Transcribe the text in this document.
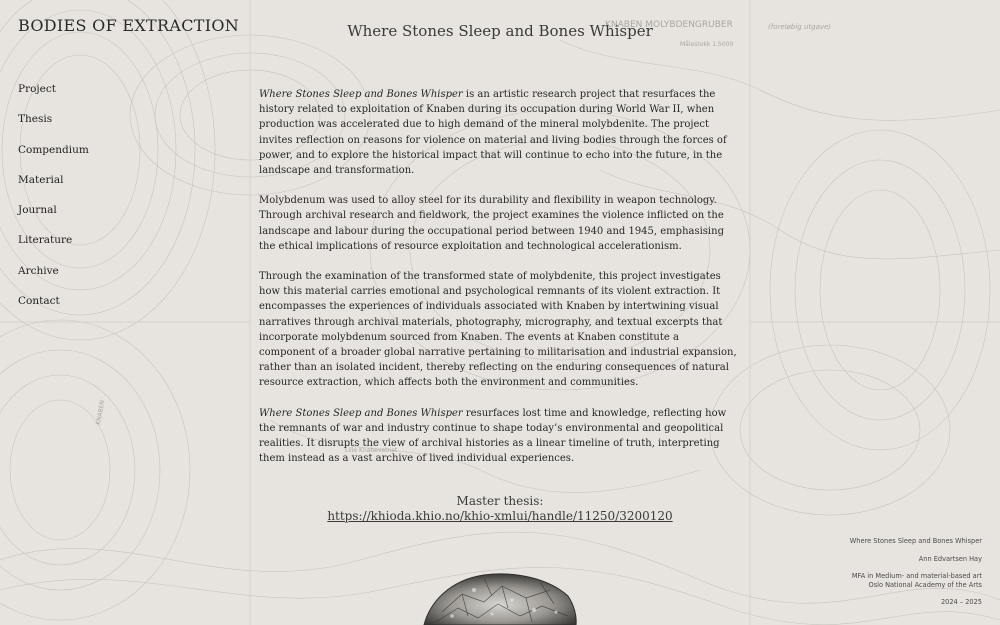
KNABEN MOLYBDENGRUBER	(foreløbig utgave)
Målestokk 1:5000
Lille Knabevatnet
KNABEN
BODIES OF EXTRACTION
Project
Thesis
Compendium
Material
Journal
Literature
Archive
Contact
Where Stones Sleep and Bones Whisper

Where Stones Sleep and Bones Whisper is an artistic research project that resurfaces the history related to exploitation of Knaben during its occupation during World War II, when production was accelerated due to high demand of the mineral molybdenite. The project invites reflection on reasons for violence on material and living bodies through the forces of power, and to explore the historical impact that will continue to echo into the future, in the landscape and transformation.

Molybdenum was used to alloy steel for its durability and flexibility in weapon technology. Through archival research and fieldwork, the project examines the violence inflicted on the landscape and labour during the occupational period between 1940 and 1945, emphasising the ethical implications of resource exploitation and technological accelerationism.

Through the examination of the transformed state of molybdenite, this project investigates how this material carries emotional and psychological remnants of its violent extraction. It encompasses the experiences of individuals associated with Knaben by intertwining visual narratives through archival materials, photography, micrography, and textual excerpts that incorporate molybdenum sourced from Knaben. The events at Knaben constitute a component of a broader global narrative pertaining to militarisation and industrial expansion, rather than an isolated incident, thereby reflecting on the enduring consequences of natural resource extraction, which affects both the environment and communities.

Where Stones Sleep and Bones Whisper resurfaces lost time and knowledge, reflecting how the remnants of war and industry continue to shape today’s environmental and geopolitical realities. It disrupts the view of archival histories as a linear timeline of truth, interpreting them instead as a vast archive of lived individual experiences.

Master thesis:
https://khioda.khio.no/khio-xmlui/handle/11250/3200120
Where Stones Sleep and Bones Whisper
Ann Edvartsen Hay
MFA in Medium- and material-based art
Oslo National Academy of the Arts
2024 – 2025
